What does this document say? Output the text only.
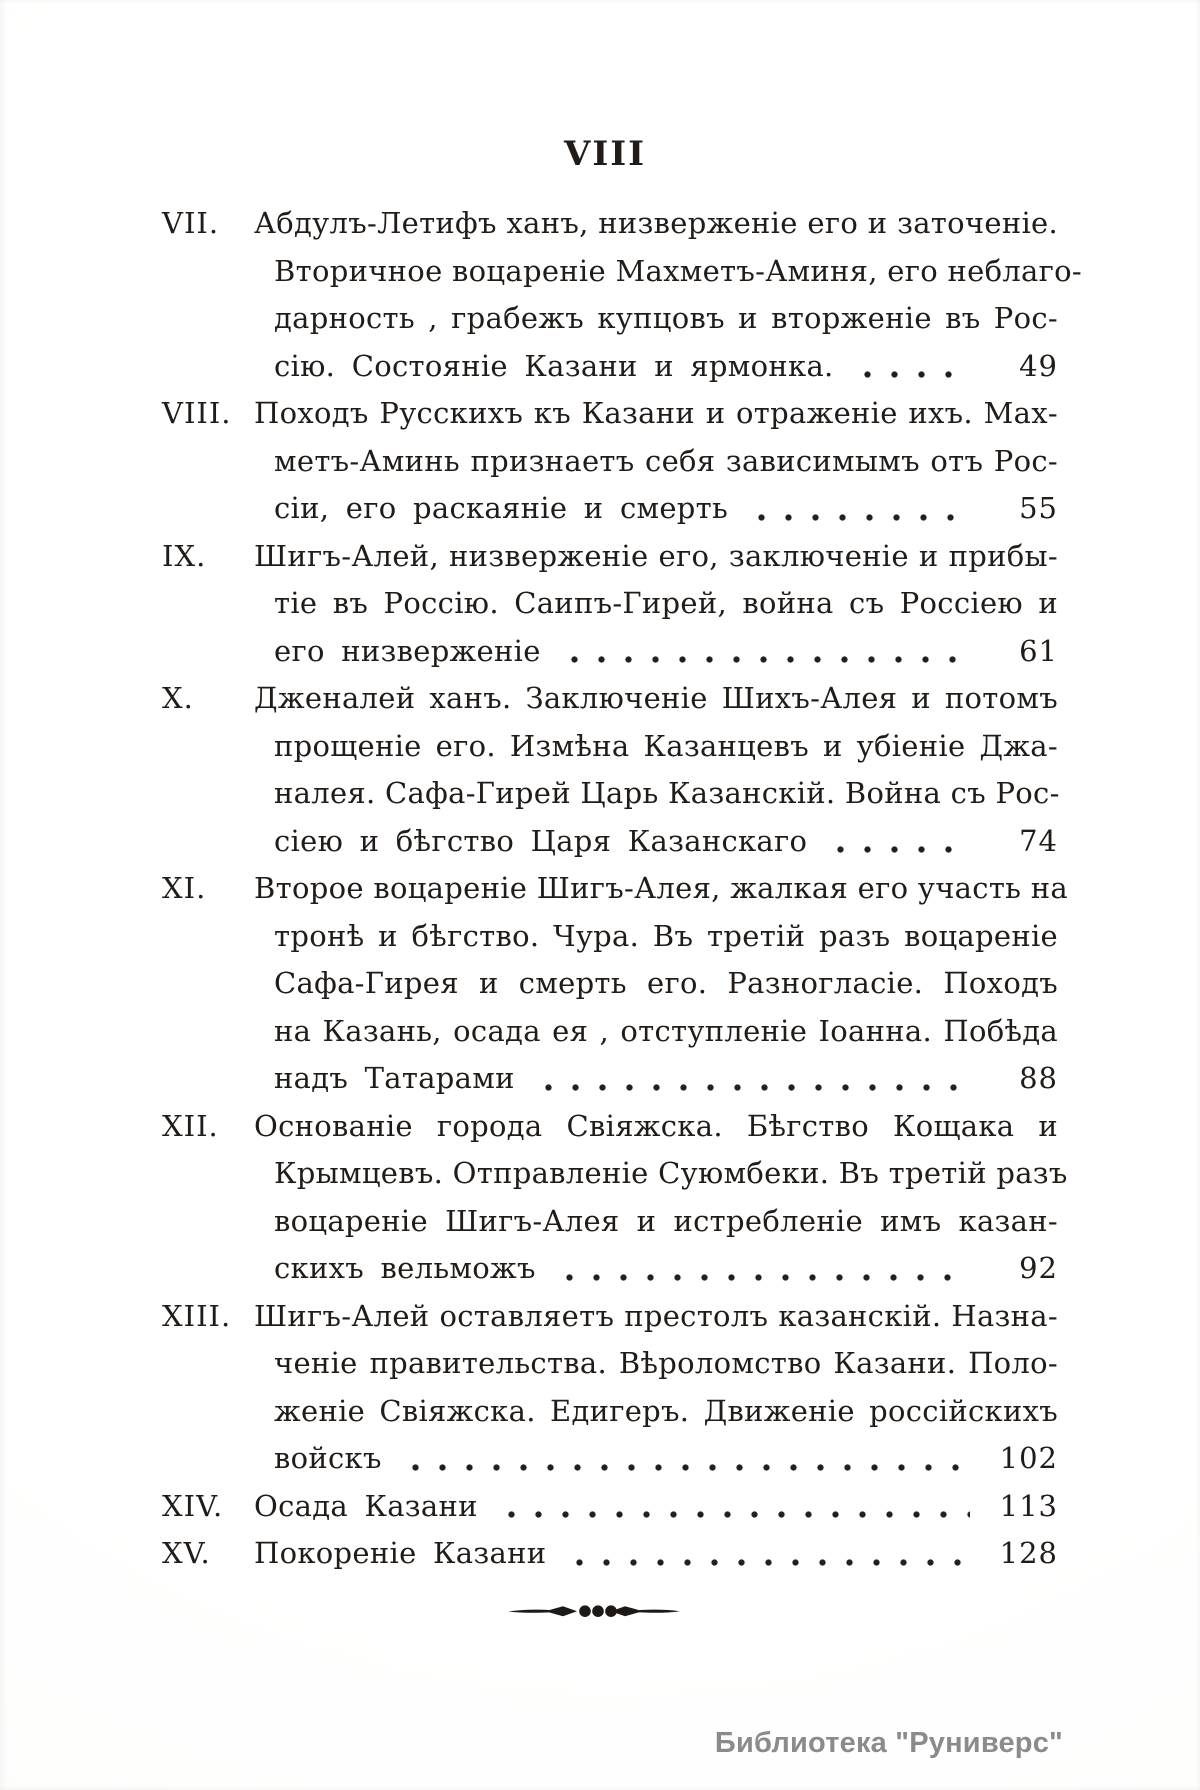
VIII
VII.	Абдулъ-Летифъ ханъ, низверженіе его и заточеніе.
Вторичное воцареніе Махметъ-Аминя, его неблаго-
дарность , грабежъ купцовъ и вторженіе въ Рос-
сію. Состояніе Казани и ярмонка.	49
VIII. Походъ Русскихъ къ Казани и отраженіе ихъ. Мах-
метъ-Аминь признаетъ себя зависимымъ отъ Рос-
сіи, его раскаяніе и смерть	55
IX.	Шигъ-Алей, низверженіе его, заключеніе и прибы-
тіе въ Россію. Саипъ-Гирей, война съ Россіею и
его низверженіе	61
X.	Дженалей ханъ. Заключеніе Шихъ-Алея и потомъ
прощеніе его. Измѣна Казанцевъ и убіеніе Джа-
налея. Сафа-Гирей Царь Казанскій. Война съ Рос-
сіею и бѣгство Царя Казанскаго	74
XI.	Второе воцареніе Шигъ-Алея, жалкая его участь на
тронѣ и бѣгство. Чура. Въ третій разъ воцареніе
Сафа-Гирея и смерть его. Разногласіе. Походъ
на Казань, осада ея , отступленіе Іоанна. Побѣда
надъ Татарами	88
XII.	Основаніе города Свіяжска. Бѣгство Кощака и
Крымцевъ. Отправленіе Суюмбеки. Въ третій разъ
воцареніе Шигъ-Алея и истребленіе имъ казан-
скихъ вельможъ	92
XIII. Шигъ-Алей оставляетъ престолъ казанскій. Назна-
ченіе правительства. Вѣроломство Казани. Поло-
женіе Свіяжска. Едигеръ. Движеніе россійскихъ
войскъ	102
XIV.	Осада Казани	113
XV.	Покореніе Казани	128
Библиотека "Руниверс"
